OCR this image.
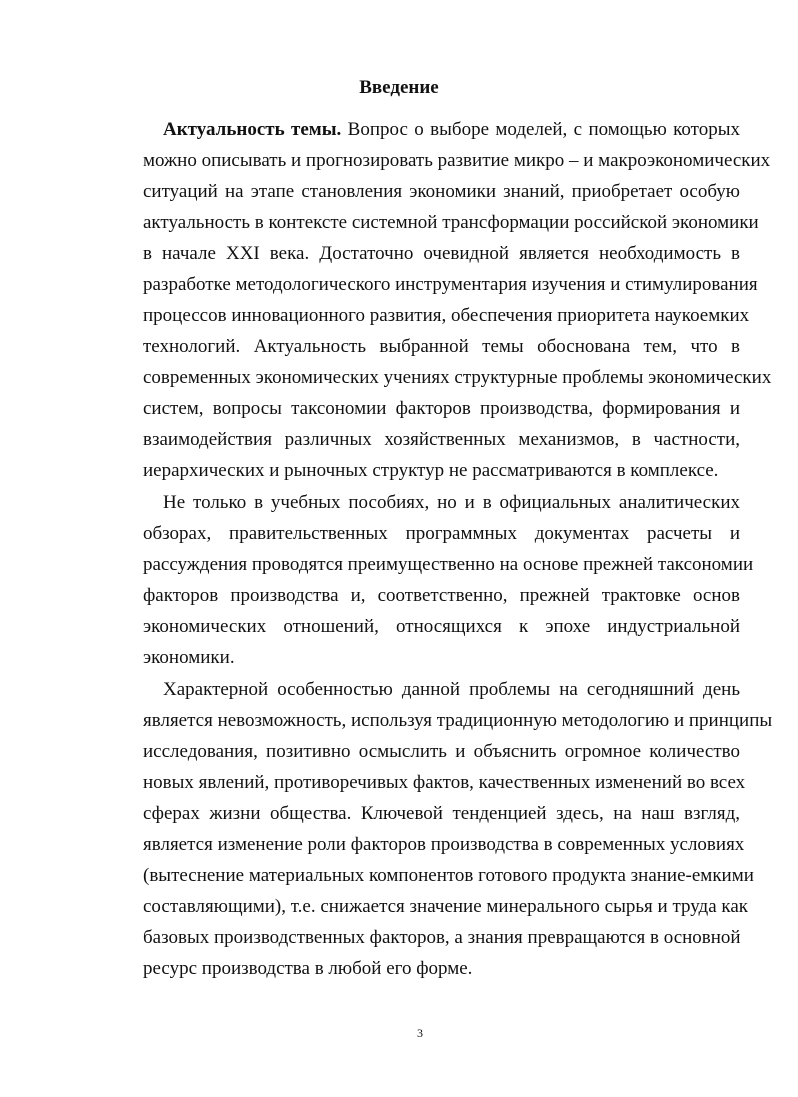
Введение
Актуальность темы. Вопрос о выборе моделей, с помощью которых
можно описывать и прогнозировать развитие микро – и макроэкономических
ситуаций на этапе становления экономики знаний, приобретает особую
актуальность в контексте системной трансформации российской экономики
в начале XXI века. Достаточно очевидной является необходимость в
разработке методологического инструментария изучения и стимулирования
процессов инновационного развития, обеспечения приоритета наукоемких
технологий. Актуальность выбранной темы обоснована тем, что в
современных экономических учениях структурные проблемы экономических
систем, вопросы таксономии факторов производства, формирования и
взаимодействия различных хозяйственных механизмов, в частности,
иерархических и рыночных структур не рассматриваются в комплексе.
Не только в учебных пособиях, но и в официальных аналитических
обзорах, правительственных программных документах расчеты и
рассуждения проводятся преимущественно на основе прежней таксономии
факторов производства и, соответственно, прежней трактовке основ
экономических отношений, относящихся к эпохе индустриальной
экономики.
Характерной особенностью данной проблемы на сегодняшний день
является невозможность, используя традиционную методологию и принципы
исследования, позитивно осмыслить и объяснить огромное количество
новых явлений, противоречивых фактов, качественных изменений во всех
сферах жизни общества. Ключевой тенденцией здесь, на наш взгляд,
является изменение роли факторов производства в современных условиях
(вытеснение материальных компонентов готового продукта знание-емкими
составляющими), т.е. снижается значение минерального сырья и труда как
базовых производственных факторов, а знания превращаются в основной
ресурс производства в любой его форме.
3
